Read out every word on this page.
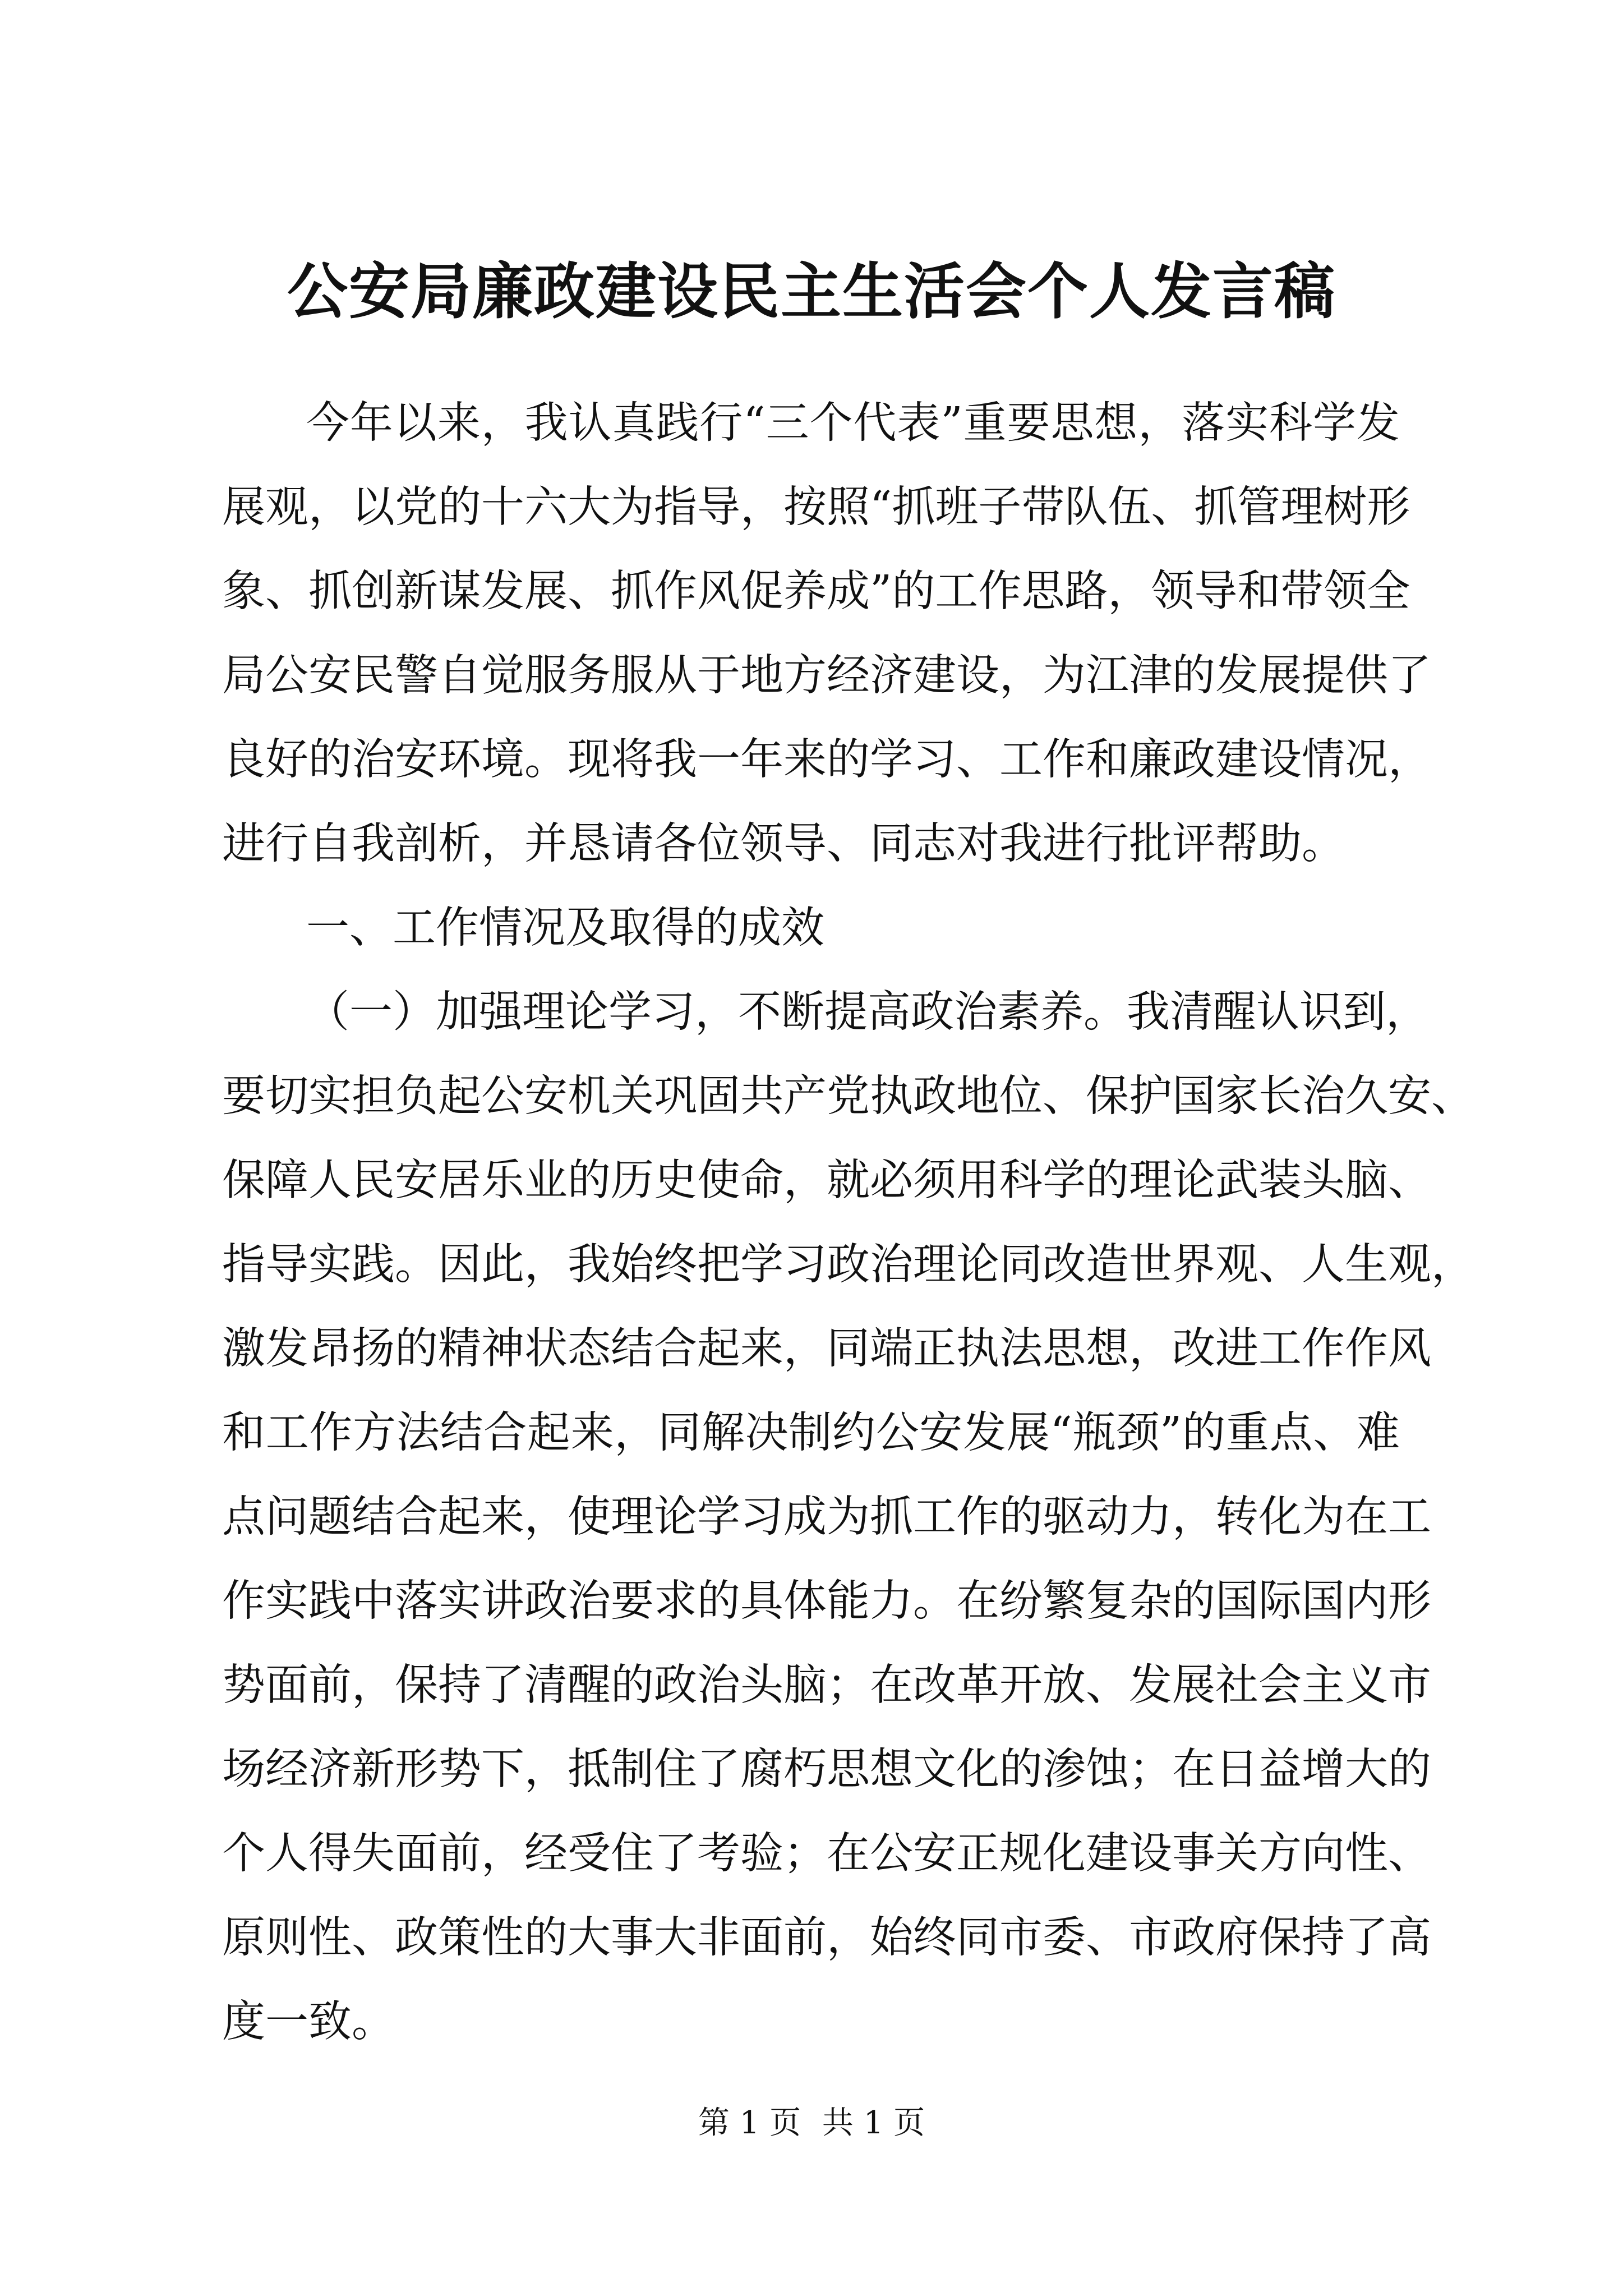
公安局廉政建设民主生活会个人发言稿
今年以来，我认真践行“三个代表”重要思想，落实科学发
展观，以党的十六大为指导，按照“抓班子带队伍、抓管理树形
象、抓创新谋发展、抓作风促养成”的工作思路，领导和带领全
局公安民警自觉服务服从于地方经济建设，为江津的发展提供了
良好的治安环境。现将我一年来的学习、工作和廉政建设情况，
进行自我剖析，并恳请各位领导、同志对我进行批评帮助。
一、工作情况及取得的成效
（一）加强理论学习，不断提高政治素养。我清醒认识到，
要切实担负起公安机关巩固共产党执政地位、保护国家长治久安、
保障人民安居乐业的历史使命，就必须用科学的理论武装头脑、
指导实践。因此，我始终把学习政治理论同改造世界观、人生观，
激发昂扬的精神状态结合起来，同端正执法思想，改进工作作风
和工作方法结合起来，同解决制约公安发展“瓶颈”的重点、难
点问题结合起来，使理论学习成为抓工作的驱动力，转化为在工
作实践中落实讲政治要求的具体能力。在纷繁复杂的国际国内形
势面前，保持了清醒的政治头脑；在改革开放、发展社会主义市
场经济新形势下，抵制住了腐朽思想文化的渗蚀；在日益增大的
个人得失面前，经受住了考验；在公安正规化建设事关方向性、
原则性、政策性的大事大非面前，始终同市委、市政府保持了高
度一致。
第 1 页 共 1 页
